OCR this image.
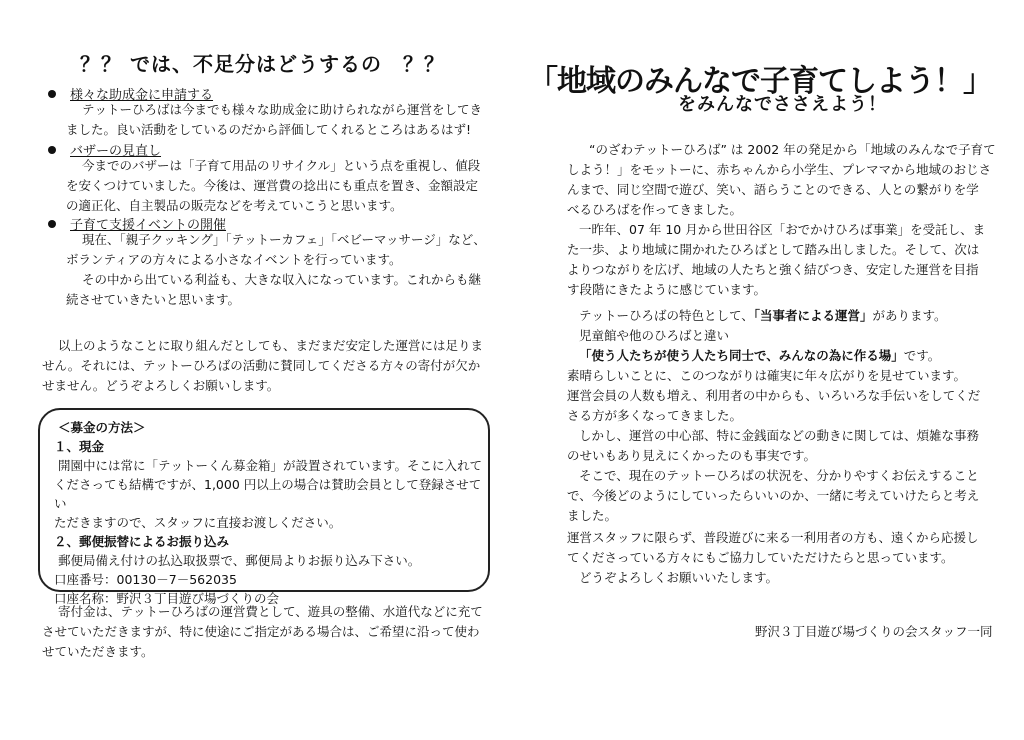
？？ では、不足分はどうするの　？？
様々な助成金に申請する
テットーひろばは今までも様々な助成金に助けられながら運営をしてき
ました。良い活動をしているのだから評価してくれるところはあるはず!
バザーの見直し
今までのバザーは「子育て用品のリサイクル」という点を重視し、値段
を安くつけていました。今後は、運営費の捻出にも重点を置き、金額設定
の適正化、自主製品の販売などを考えていこうと思います。
子育て支援イベントの開催
現在、「親子クッキング」「テットーカフェ」「ベビーマッサージ」など、
ボランティアの方々による小さなイベントを行っています。
その中から出ている利益も、大きな収入になっています。これからも継
続させていきたいと思います。
以上のようなことに取り組んだとしても、まだまだ安定した運営には足りま
せん。それには、テットーひろばの活動に賛同してくださる方々の寄付が欠か
せません。どうぞよろしくお願いします。
＜募金の方法＞
１、現金
開園中には常に「テットーくん募金箱」が設置されています。そこに入れて
くださっても結構ですが、1,000 円以上の場合は賛助会員として登録させてい
ただきますので、スタッフに直接お渡しください。
２、郵便振替によるお振り込み
郵便局備え付けの払込取扱票で、郵便局よりお振り込み下さい。
口座番号：00130－7－562035
口座名称：野沢３丁目遊び場づくりの会
寄付金は、テットーひろばの運営費として、遊具の整備、水道代などに充て
させていただきますが、特に使途にご指定がある場合は、ご希望に沿って使わ
せていただきます。
「地域のみんなで子育てしよう！」
をみんなでささえよう！
“のざわテットーひろば” は 2002 年の発足から「地域のみんなで子育て
しよう！」をモットーに、赤ちゃんから小学生、プレママから地域のおじさ
んまで、同じ空間で遊び、笑い、語らうことのできる、人との繋がりを学
べるひろばを作ってきました。
一昨年、07 年 10 月から世田谷区「おでかけひろば事業」を受託し、ま
た一歩、より地域に開かれたひろばとして踏み出しました。そして、次は
よりつながりを広げ、地域の人たちと強く結びつき、安定した運営を目指
す段階にきたように感じています。
テットーひろばの特色として、「当事者による運営」があります。
児童館や他のひろばと違い
「使う人たちが使う人たち同士で、みんなの為に作る場」です。
素晴らしいことに、このつながりは確実に年々広がりを見せています。
運営会員の人数も増え、利用者の中からも、いろいろな手伝いをしてくだ
さる方が多くなってきました。
しかし、運営の中心部、特に金銭面などの動きに関しては、煩雑な事務
のせいもあり見えにくかったのも事実です。
そこで、現在のテットーひろばの状況を、分かりやすくお伝えすること
で、今後どのようにしていったらいいのか、一緒に考えていけたらと考え
ました。
運営スタッフに限らず、普段遊びに来る一利用者の方も、遠くから応援し
てくださっている方々にもご協力していただけたらと思っています。
どうぞよろしくお願いいたします。
野沢３丁目遊び場づくりの会スタッフ一同
